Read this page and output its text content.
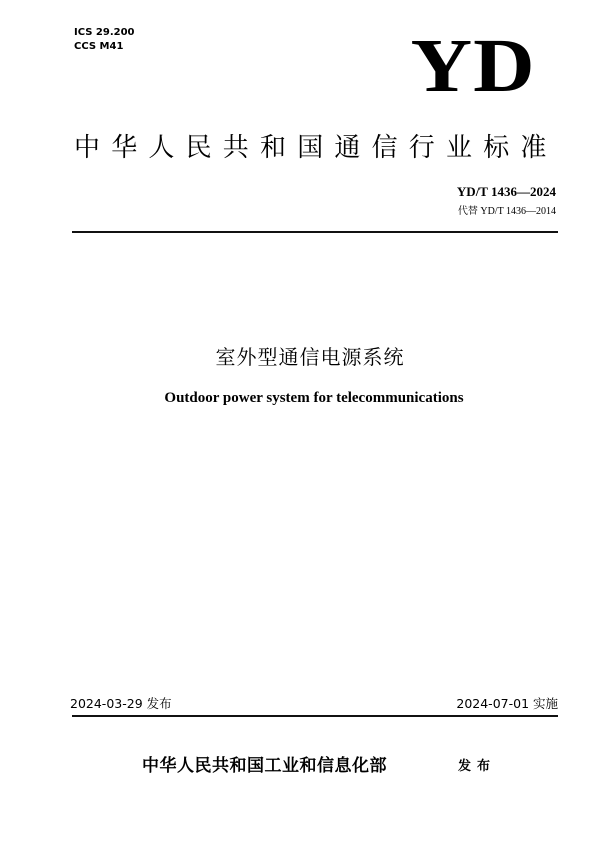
ICS 29.200
CCS M41	YD
中华人民共和国通信行业标准
YD/T 1436—2024
代替 YD/T 1436—2014
室外型通信电源系统
Outdoor power system for telecommunications
2024-03-29 发布	2024-07-01 实施
中华人民共和国工业和信息化部	发布
